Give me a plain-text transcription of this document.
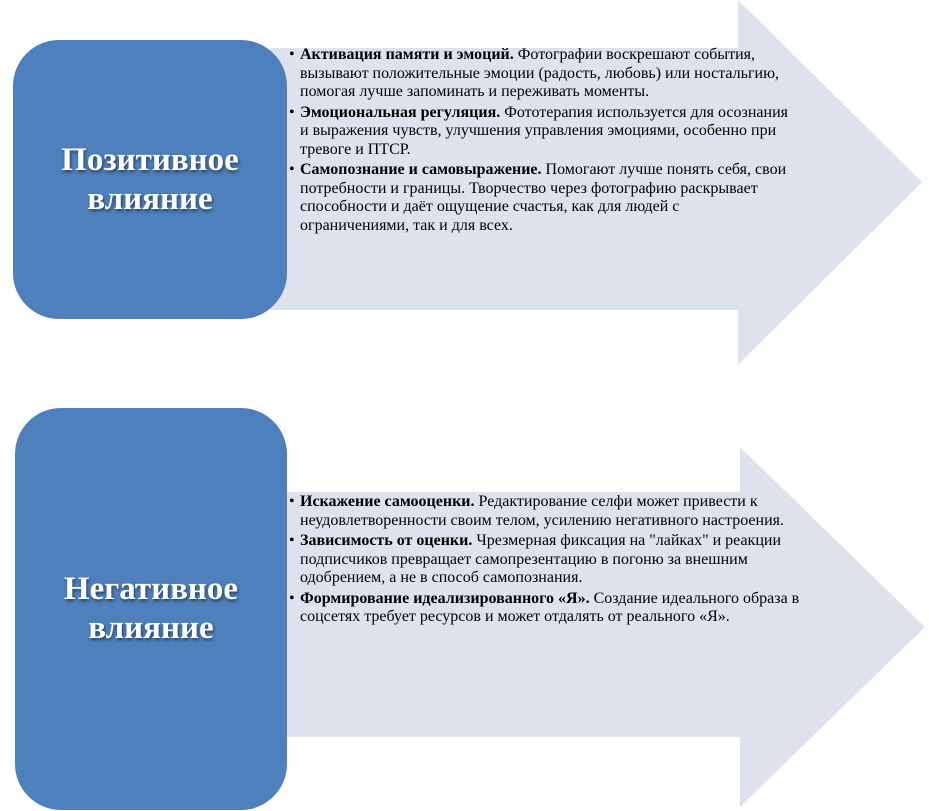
Позитивное влияние
Негативное влияние
• Активация памяти и эмоций. Фотографии воскрешают события, вызывают положительные эмоции (радость, любовь) или ностальгию, помогая лучше запоминать и переживать моменты.
• Эмоциональная регуляция. Фототерапия используется для осознания и выражения чувств, улучшения управления эмоциями, особенно при тревоге и ПТСР.
• Самопознание и самовыражение. Помогают лучше понять себя, свои потребности и границы. Творчество через фотографию раскрывает способности и даёт ощущение счастья, как для людей с ограничениями, так и для всех.
• Искажение самооценки. Редактирование селфи может привести к неудовлетворенности своим телом, усилению негативного настроения.
• Зависимость от оценки. Чрезмерная фиксация на "лайках" и реакции подписчиков превращает самопрезентацию в погоню за внешним одобрением, а не в способ самопознания.
• Формирование идеализированного «Я». Создание идеального образа в соцсетях требует ресурсов и может отдалять от реального «Я».
